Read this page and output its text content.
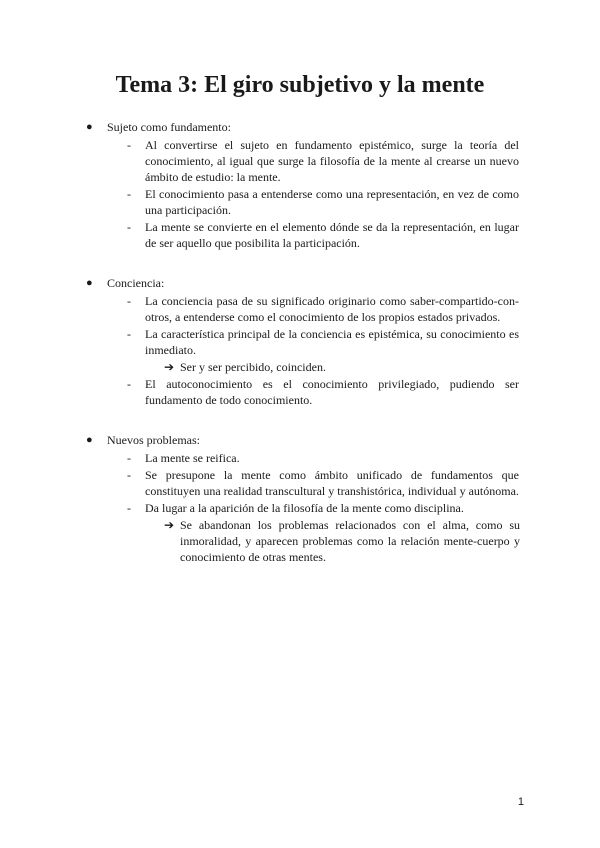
Tema 3: El giro subjetivo y la mente
● Sujeto como fundamento:
- Al convertirse el sujeto en fundamento epistémico, surge la teoría del conocimiento, al igual que surge la filosofía de la mente al crearse un nuevo ámbito de estudio: la mente.
- El conocimiento pasa a entenderse como una representación, en vez de como una participación.
- La mente se convierte en el elemento dónde se da la representación, en lugar de ser aquello que posibilita la participación.
● Conciencia:
- La conciencia pasa de su significado originario como saber-compartido-con-otros, a entenderse como el conocimiento de los propios estados privados.
- La característica principal de la conciencia es epistémica, su conocimiento es inmediato.
➔ Ser y ser percibido, coinciden.
- El autoconocimiento es el conocimiento privilegiado, pudiendo ser fundamento de todo conocimiento.
● Nuevos problemas:
- La mente se reifica.
- Se presupone la mente como ámbito unificado de fundamentos que constituyen una realidad transcultural y transhistórica, individual y autónoma.
- Da lugar a la aparición de la filosofía de la mente como disciplina.
➔ Se abandonan los problemas relacionados con el alma, como su inmoralidad, y aparecen problemas como la relación mente-cuerpo y conocimiento de otras mentes.
1
